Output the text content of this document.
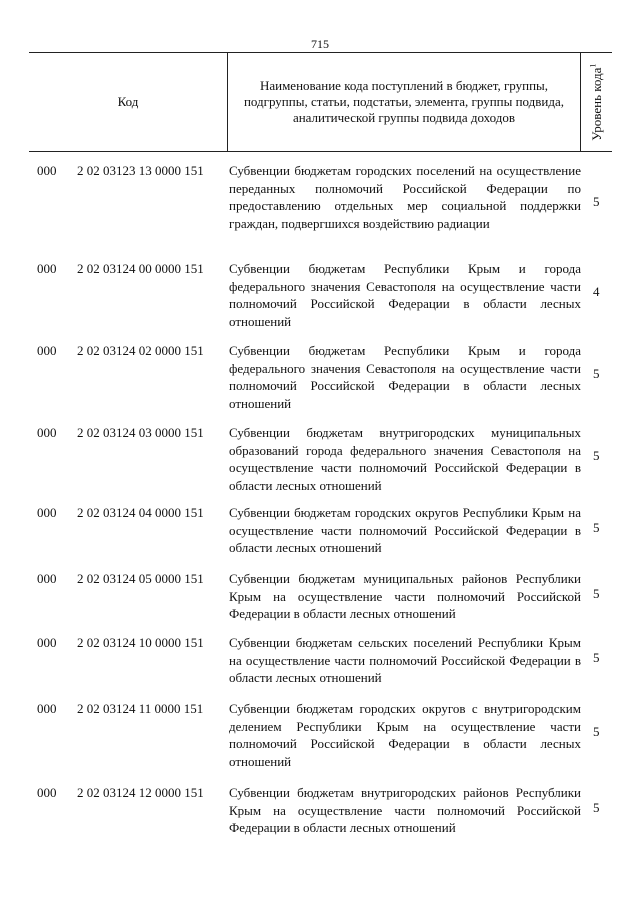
715
Код
Наименование кода поступлений в бюджет, группы, подгруппы, статьи, подстатьи, элемента, группы подвида, аналитической группы подвида доходов	Уровень кода$^1$
000 2 02 03123 13 0000 151 Субвенции бюджетам городских поселений на осуществление переданных полномочий Российской Федерации по предоставлению отдельных мер социальной поддержки граждан, подвергшихся воздействию радиации
5
000 2 02 03124 00 0000 151 Субвенции бюджетам Республики Крым и города федерального значения Севастополя на осуществление части полномочий Российской Федерации в области лесных отношений
4
000 2 02 03124 02 0000 151 Субвенции бюджетам Республики Крым и города федерального значения Севастополя на осуществление части полномочий Российской Федерации в области лесных отношений
5
000 2 02 03124 03 0000 151 Субвенции бюджетам внутригородских муниципальных образований города федерального значения Севастополя на осуществление части полномочий Российской Федерации в области лесных отношений
5
000 2 02 03124 04 0000 151 Субвенции бюджетам городских округов Республики Крым на осуществление части полномочий Российской Федерации в области лесных отношений
5
000 2 02 03124 05 0000 151 Субвенции бюджетам муниципальных районов Республики Крым на осуществление части полномочий Российской Федерации в области лесных отношений
5
000 2 02 03124 10 0000 151 Субвенции бюджетам сельских поселений Республики Крым на осуществление части полномочий Российской Федерации в области лесных отношений
5
000 2 02 03124 11 0000 151 Субвенции бюджетам городских округов с внутригородским делением Республики Крым на осуществление части полномочий Российской Федерации в области лесных отношений
5
000 2 02 03124 12 0000 151 Субвенции бюджетам внутригородских районов Республики Крым на осуществление части полномочий Российской Федерации в области лесных отношений
5
